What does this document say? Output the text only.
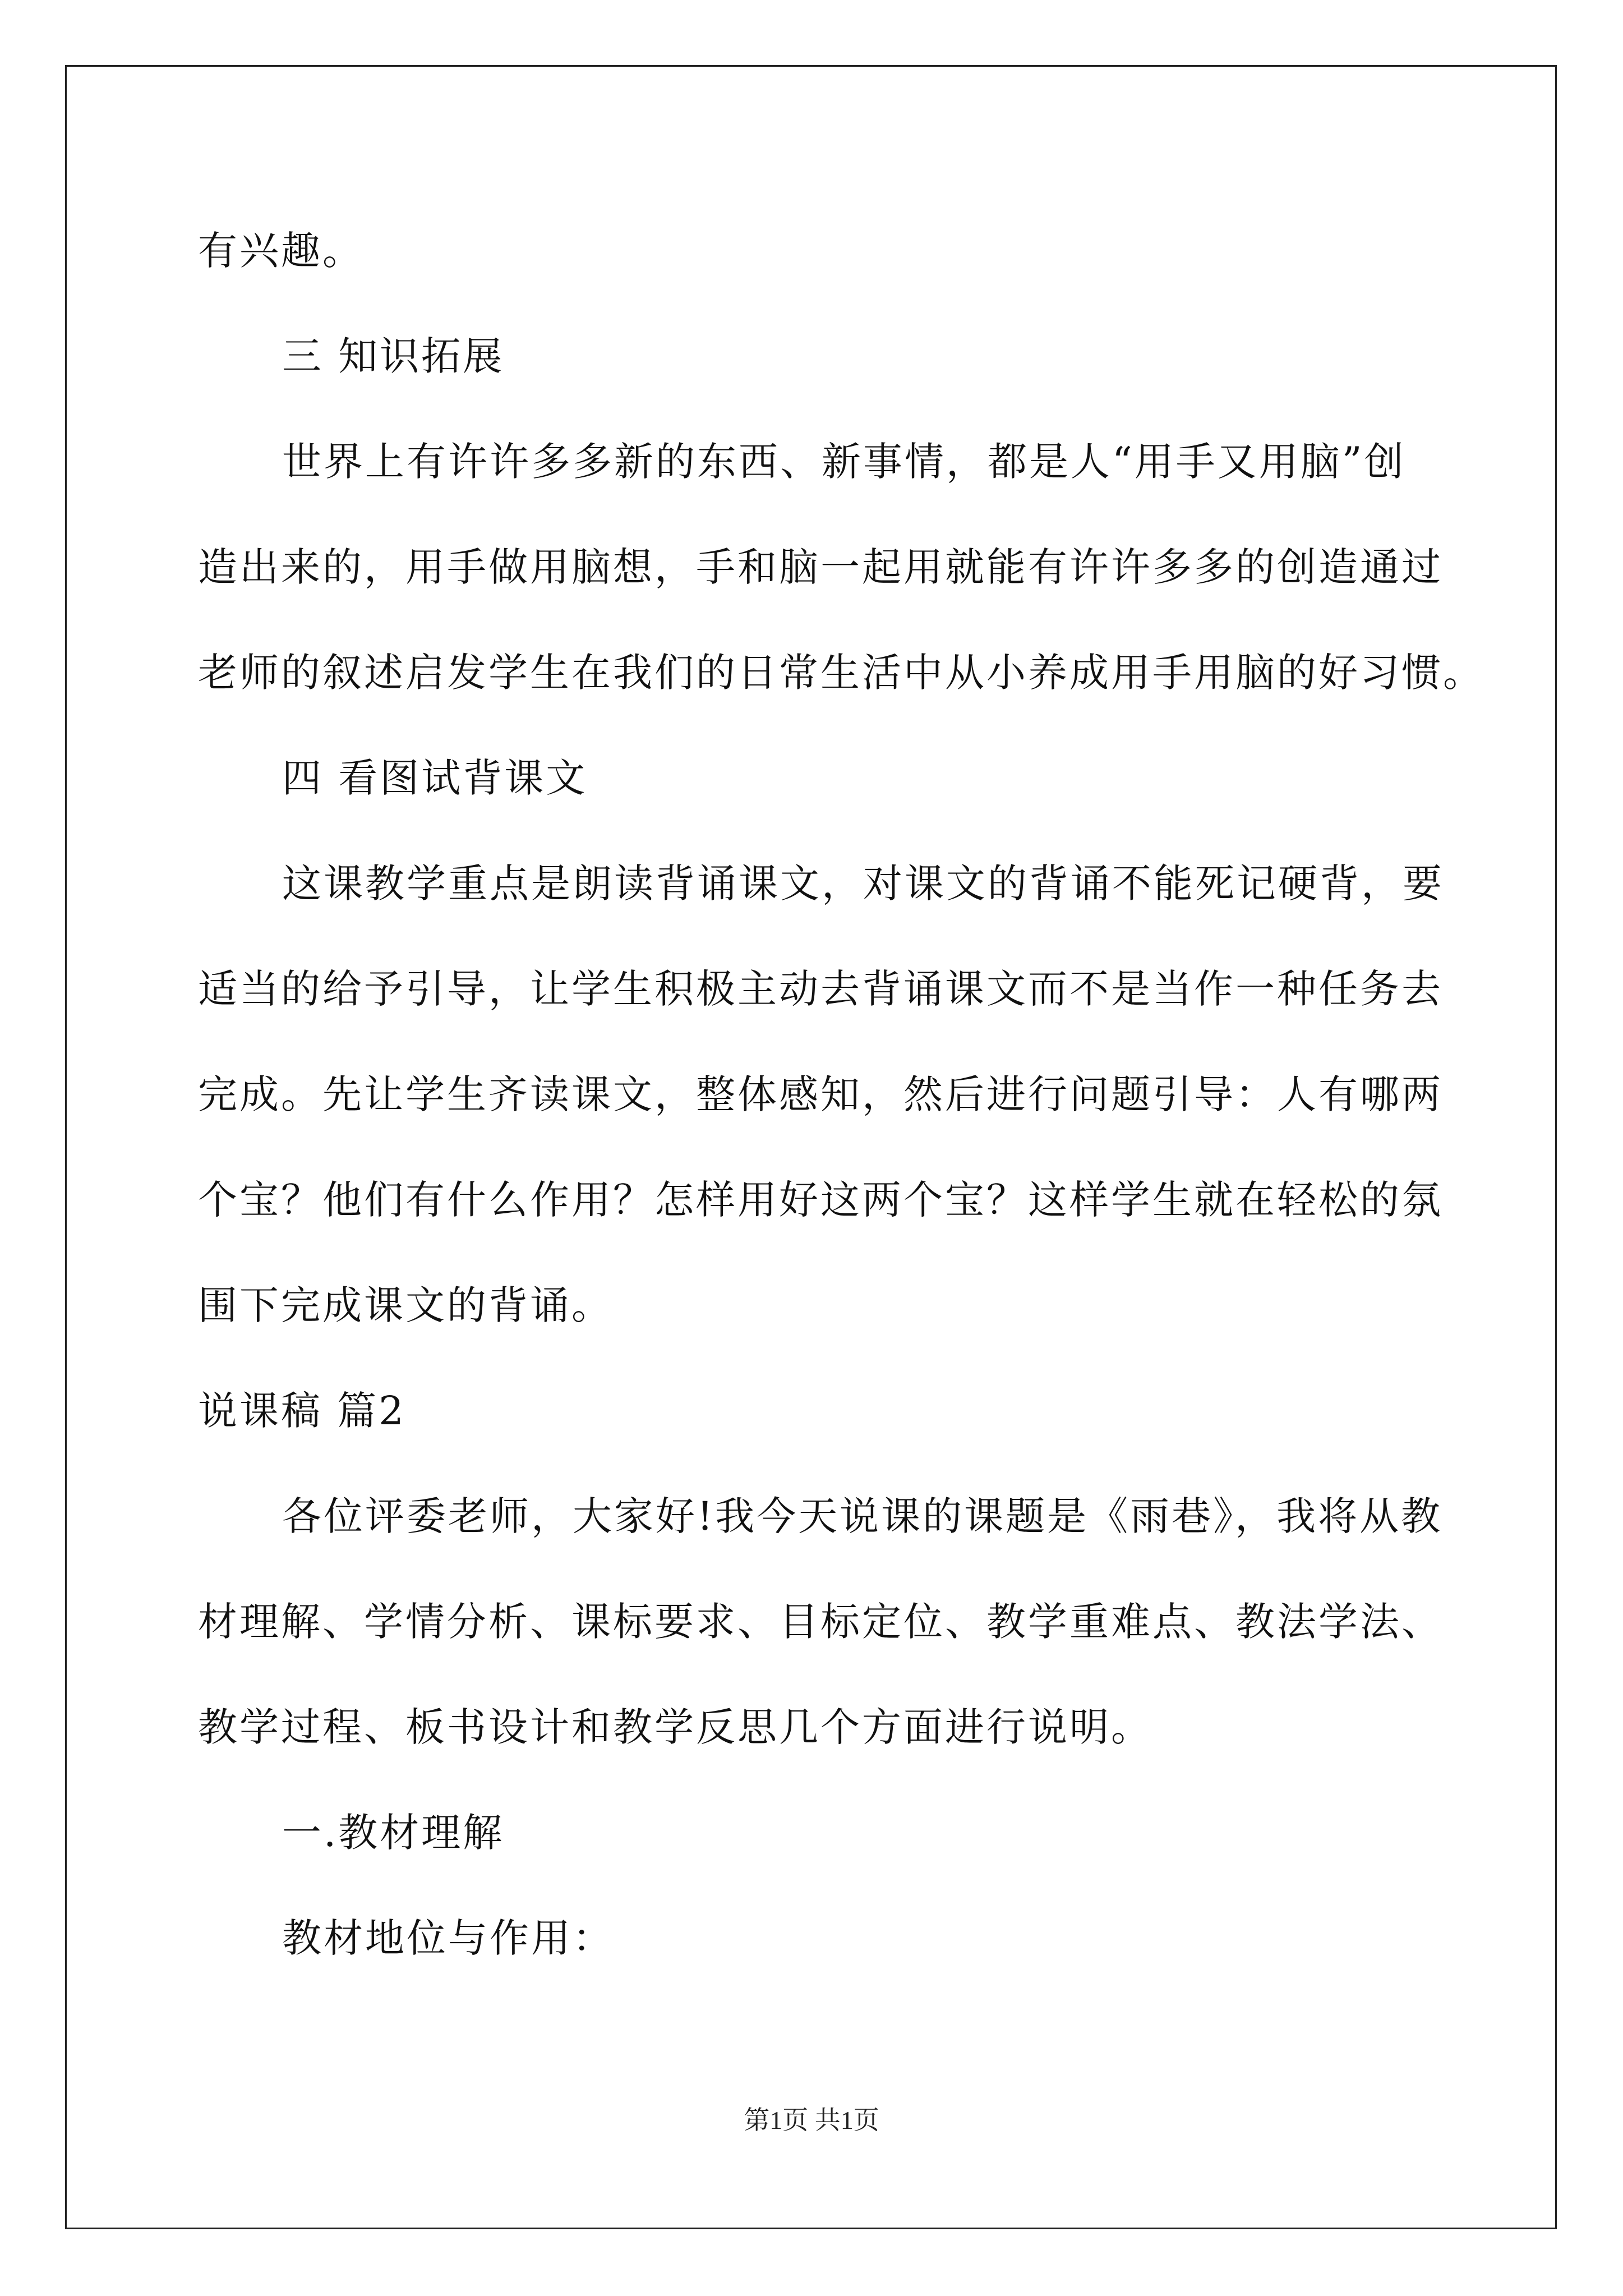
有兴趣。
三 知识拓展
世界上有许许多多新的东西、新事情，都是人“用手又用脑”创
造出来的，用手做用脑想，手和脑一起用就能有许许多多的创造通过
老师的叙述启发学生在我们的日常生活中从小养成用手用脑的好习惯。
四 看图试背课文
这课教学重点是朗读背诵课文，对课文的背诵不能死记硬背，要
适当的给予引导，让学生积极主动去背诵课文而不是当作一种任务去
完成。先让学生齐读课文，整体感知，然后进行问题引导：人有哪两
个宝？他们有什么作用？怎样用好这两个宝？这样学生就在轻松的氛
围下完成课文的背诵。
说课稿 篇2
各位评委老师，大家好!我今天说课的课题是《雨巷》，我将从教
材理解、学情分析、课标要求、目标定位、教学重难点、教法学法、
教学过程、板书设计和教学反思几个方面进行说明。
一.教材理解
教材地位与作用：
第1页 共1页
